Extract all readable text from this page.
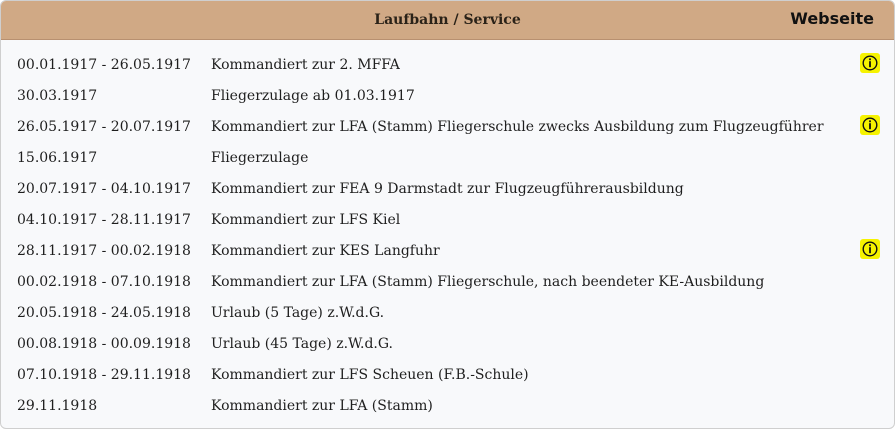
Laufbahn / Service	Webseite
00.01.1917 - 26.05.1917 Kommandiert zur 2. MFFA
30.03.1917	Fliegerzulage ab 01.03.1917
26.05.1917 - 20.07.1917 Kommandiert zur LFA (Stamm) Fliegerschule zwecks Ausbildung zum Flugzeugführer
15.06.1917	Fliegerzulage
20.07.1917 - 04.10.1917 Kommandiert zur FEA 9 Darmstadt zur Flugzeugführerausbildung
04.10.1917 - 28.11.1917 Kommandiert zur LFS Kiel
28.11.1917 - 00.02.1918 Kommandiert zur KES Langfuhr
00.02.1918 - 07.10.1918 Kommandiert zur LFA (Stamm) Fliegerschule, nach beendeter KE-Ausbildung
20.05.1918 - 24.05.1918 Urlaub (5 Tage) z.W.d.G.
00.08.1918 - 00.09.1918 Urlaub (45 Tage) z.W.d.G.
07.10.1918 - 29.11.1918 Kommandiert zur LFS Scheuen (F.B.-Schule)
29.11.1918	Kommandiert zur LFA (Stamm)
